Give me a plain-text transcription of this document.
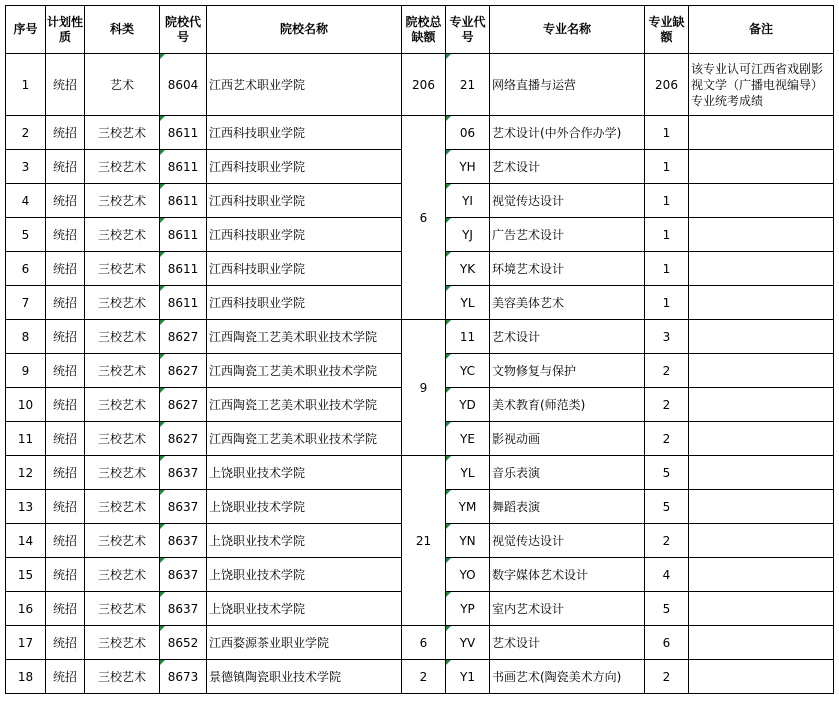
序号	计划性质	科类	院校代号	院校名称	院校总缺额	专业代号	专业名称	专业缺额	备注
1	统招	艺术	8604	江西艺术职业学院	206	21	网络直播与运营	206	该专业认可江西省戏剧影视文学（广播电视编导）专业统考成绩
2	统招	三校艺术	8611	江西科技职业学院	6	06	艺术设计(中外合作办学)	1	
3	统招	三校艺术	8611	江西科技职业学院		YH	艺术设计	1	
4	统招	三校艺术	8611	江西科技职业学院		YI	视觉传达设计	1	
5	统招	三校艺术	8611	江西科技职业学院		YJ	广告艺术设计	1	
6	统招	三校艺术	8611	江西科技职业学院		YK	环境艺术设计	1	
7	统招	三校艺术	8611	江西科技职业学院		YL	美容美体艺术	1	
8	统招	三校艺术	8627	江西陶瓷工艺美术职业技术学院	9	11	艺术设计	3	
9	统招	三校艺术	8627	江西陶瓷工艺美术职业技术学院		YC	文物修复与保护	2	
10	统招	三校艺术	8627	江西陶瓷工艺美术职业技术学院		YD	美术教育(师范类)	2	
11	统招	三校艺术	8627	江西陶瓷工艺美术职业技术学院		YE	影视动画	2	
12	统招	三校艺术	8637	上饶职业技术学院	21	YL	音乐表演	5	
13	统招	三校艺术	8637	上饶职业技术学院		YM	舞蹈表演	5	
14	统招	三校艺术	8637	上饶职业技术学院		YN	视觉传达设计	2	
15	统招	三校艺术	8637	上饶职业技术学院		YO	数字媒体艺术设计	4	
16	统招	三校艺术	8637	上饶职业技术学院		YP	室内艺术设计	5	
17	统招	三校艺术	8652	江西婺源茶业职业学院	6	YV	艺术设计	6	
18	统招	三校艺术	8673	景德镇陶瓷职业技术学院	2	Y1	书画艺术(陶瓷美术方向)	2	
